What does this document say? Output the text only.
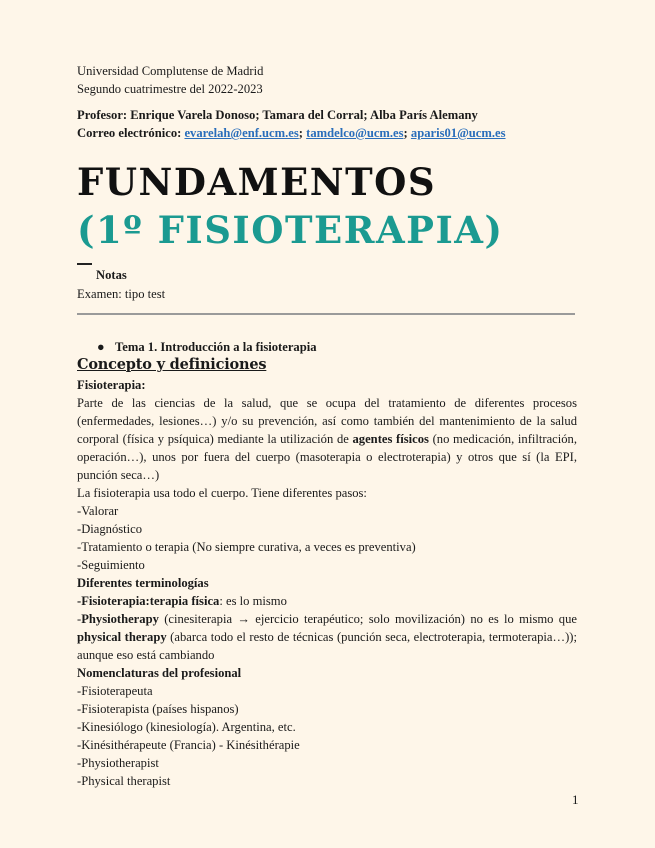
Universidad Complutense de Madrid
Segundo cuatrimestre del 2022-2023
Profesor: Enrique Varela Donoso; Tamara del Corral; Alba París Alemany
Correo electrónico: evarelah@enf.ucm.es; tamdelco@ucm.es; aparis01@ucm.es
FUNDAMENTOS
(1º FISIOTERAPIA)
Notas
Examen: tipo test
● Tema 1. Introducción a la fisioterapia
Concepto y definiciones

Fisioterapia:

Parte de las ciencias de la salud, que se ocupa del tratamiento de diferentes procesos (enfermedades, lesiones…) y/o su prevención, así como también del mantenimiento de la salud corporal (física y psíquica) mediante la utilización de agentes físicos (no medicación, infiltración, operación…), unos por fuera del cuerpo (masoterapia o electroterapia) y otros que sí (la EPI, punción seca…)

La fisioterapia usa todo el cuerpo. Tiene diferentes pasos:

-Valorar

-Diagnóstico

-Tratamiento o terapia (No siempre curativa, a veces es preventiva)

-Seguimiento

Diferentes terminologías

-Fisioterapia:terapia física: es lo mismo

-Physiotherapy (cinesiterapia → ejercicio terapéutico; solo movilización) no es lo mismo que physical therapy (abarca todo el resto de técnicas (punción seca, electroterapia, termoterapia…)); aunque eso está cambiando

Nomenclaturas del profesional

-Fisioterapeuta

-Fisioterapista (países hispanos)

-Kinesiólogo (kinesiología). Argentina, etc.

-Kinésithérapeute (Francia) - Kinésithérapie

-Physiotherapist

-Physical therapist

1
